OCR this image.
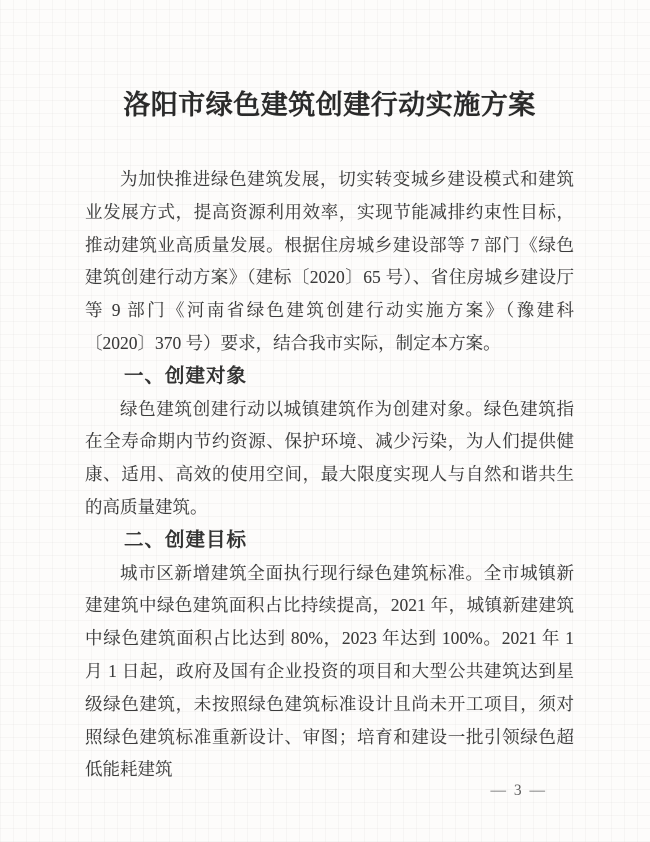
洛阳市绿色建筑创建行动实施方案
为加快推进绿色建筑发展，切实转变城乡建设模式和建筑业发展方式，提高资源利用效率，实现节能减排约束性目标，推动建筑业高质量发展。根据住房城乡建设部等 7 部门《绿色建筑创建行动方案》（建标〔2020〕65 号）、省住房城乡建设厅等 9 部门《河南省绿色建筑创建行动实施方案》（豫建科〔2020〕370 号）要求，结合我市实际，制定本方案。
一、创建对象
绿色建筑创建行动以城镇建筑作为创建对象。绿色建筑指在全寿命期内节约资源、保护环境、减少污染，为人们提供健康、适用、高效的使用空间，最大限度实现人与自然和谐共生的高质量建筑。
二、创建目标
城市区新增建筑全面执行现行绿色建筑标准。全市城镇新建建筑中绿色建筑面积占比持续提高，2021 年，城镇新建建筑中绿色建筑面积占比达到 80%，2023 年达到 100%。2021 年 1 月 1 日起，政府及国有企业投资的项目和大型公共建筑达到星级绿色建筑，未按照绿色建筑标准设计且尚未开工项目，须对照绿色建筑标准重新设计、审图；培育和建设一批引领绿色超低能耗建筑
— 3 —
